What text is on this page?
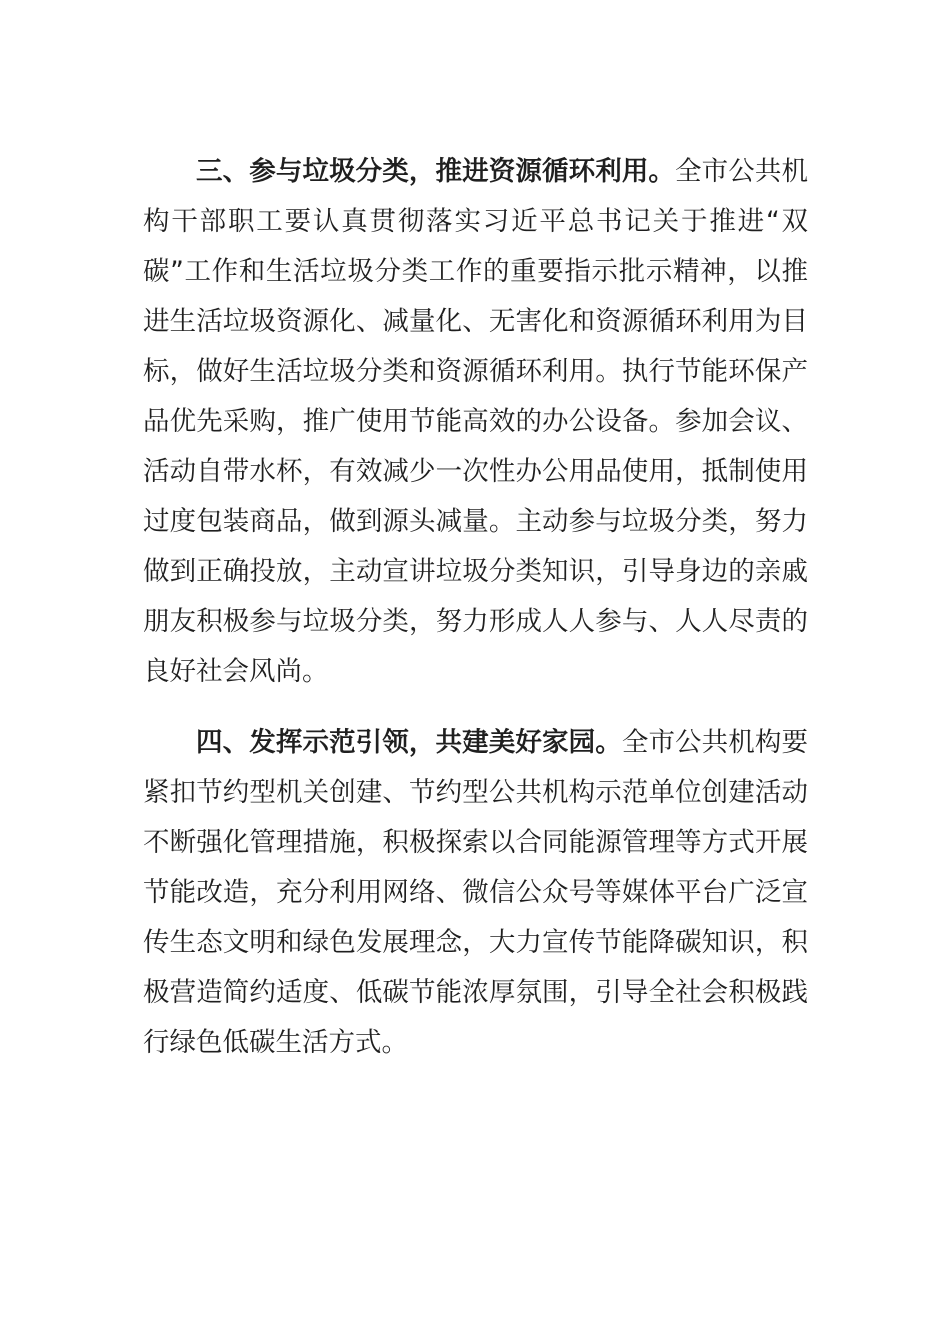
三、参与垃圾分类，推进资源循环利用。全市公共机构干部职工要认真贯彻落实习近平总书记关于推进“双碳”工作和生活垃圾分类工作的重要指示批示精神，以推进生活垃圾资源化、减量化、无害化和资源循环利用为目标，做好生活垃圾分类和资源循环利用。执行节能环保产品优先采购，推广使用节能高效的办公设备。参加会议、活动自带水杯，有效减少一次性办公用品使用，抵制使用过度包装商品，做到源头减量。主动参与垃圾分类，努力做到正确投放，主动宣讲垃圾分类知识，引导身边的亲戚朋友积极参与垃圾分类，努力形成人人参与、人人尽责的良好社会风尚。

四、发挥示范引领，共建美好家园。全市公共机构要紧扣节约型机关创建、节约型公共机构示范单位创建活动不断强化管理措施，积极探索以合同能源管理等方式开展节能改造，充分利用网络、微信公众号等媒体平台广泛宣传生态文明和绿色发展理念，大力宣传节能降碳知识，积极营造简约适度、低碳节能浓厚氛围，引导全社会积极践行绿色低碳生活方式。
